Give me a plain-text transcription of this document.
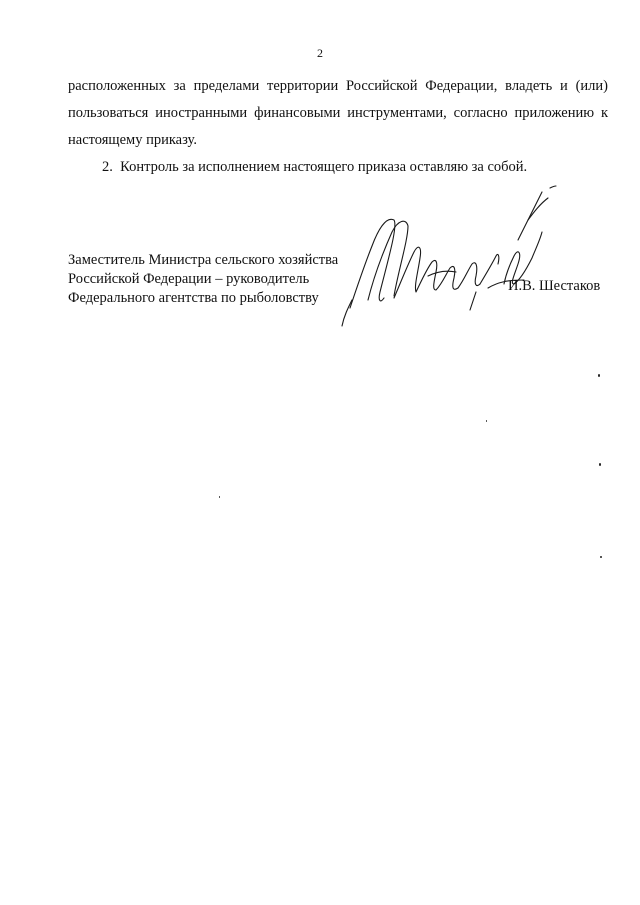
2

расположенных за пределами территории Российской Федерации, владеть и (или)
пользоваться иностранными финансовыми инструментами, согласно приложению к
настоящему приказу.

2. Контроль за исполнением настоящего приказа оставляю за собой.

Заместитель Министра сельского хозяйства
Российской Федерации – руководитель
Федерального агентства по рыболовству
И.В. Шестаков
